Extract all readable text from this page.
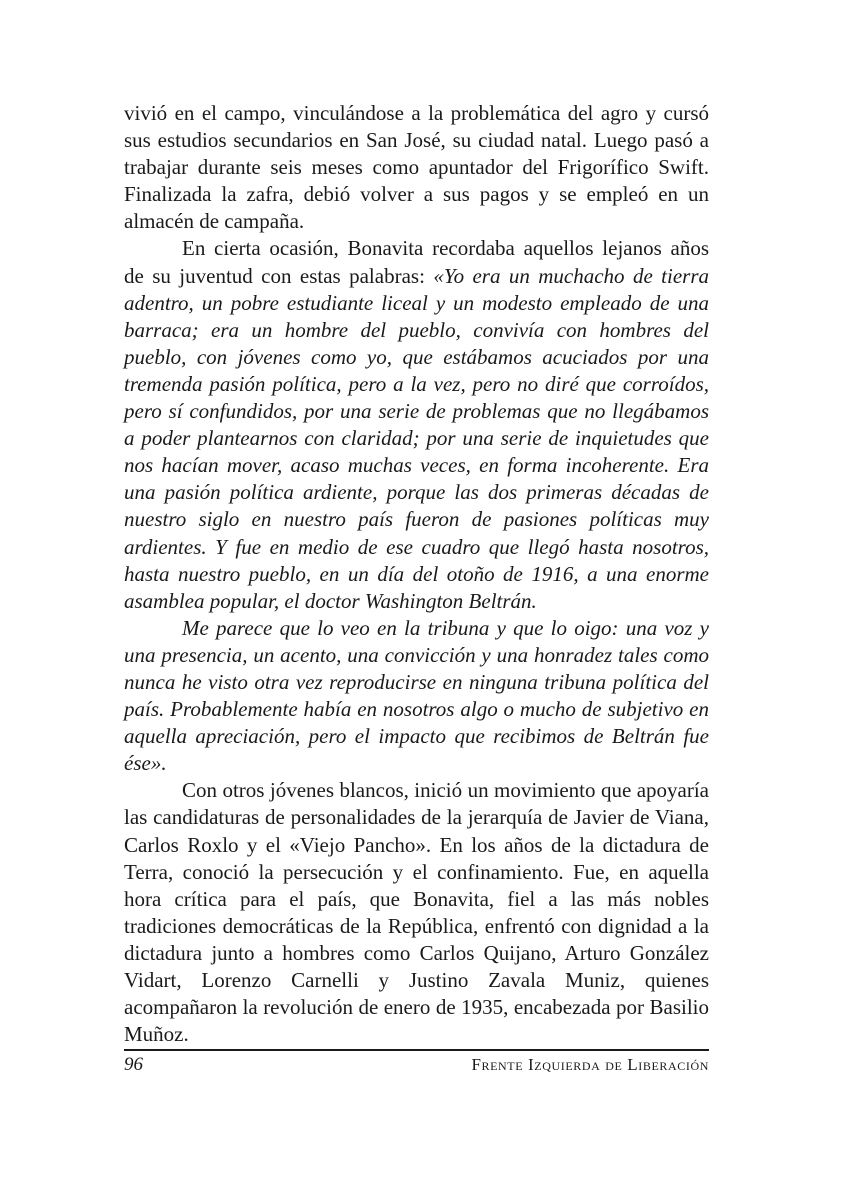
vivió en el campo, vinculándose a la problemática del agro y cursó sus estudios secundarios en San José, su ciudad natal. Luego pasó a trabajar durante seis meses como apuntador del Frigorífico Swift. Finalizada la zafra, debió volver a sus pagos y se empleó en un almacén de campaña.

En cierta ocasión, Bonavita recordaba aquellos lejanos años de su juventud con estas palabras: «Yo era un muchacho de tierra adentro, un pobre estudiante liceal y un modesto empleado de una barraca; era un hombre del pueblo, convivía con hombres del pueblo, con jóvenes como yo, que estábamos acuciados por una tremenda pasión política, pero a la vez, pero no diré que corroídos, pero sí confundidos, por una serie de problemas que no llegábamos a poder plantearnos con claridad; por una serie de inquietudes que nos hacían mover, acaso muchas veces, en forma incoherente. Era una pasión política ardiente, porque las dos primeras décadas de nuestro siglo en nuestro país fueron de pasiones políticas muy ardientes. Y fue en medio de ese cuadro que llegó hasta nosotros, hasta nuestro pueblo, en un día del otoño de 1916, a una enorme asamblea popular, el doctor Washington Beltrán.

Me parece que lo veo en la tribuna y que lo oigo: una voz y una presencia, un acento, una convicción y una honradez tales como nunca he visto otra vez reproducirse en ninguna tribuna política del país. Probablemente había en nosotros algo o mucho de subjetivo en aquella apreciación, pero el impacto que recibimos de Beltrán fue ése».

Con otros jóvenes blancos, inició un movimiento que apoyaría las candidaturas de personalidades de la jerarquía de Javier de Viana, Carlos Roxlo y el «Viejo Pancho». En los años de la dictadura de Terra, conoció la persecución y el confinamiento. Fue, en aquella hora crítica para el país, que Bonavita, fiel a las más nobles tradiciones democráticas de la República, enfrentó con dignidad a la dictadura junto a hombres como Carlos Quijano, Arturo González Vidart, Lorenzo Carnelli y Justino Zavala Muniz, quienes acompañaron la revolución de enero de 1935, encabezada por Basilio Muñoz.

96	Frente Izquierda de Liberación
